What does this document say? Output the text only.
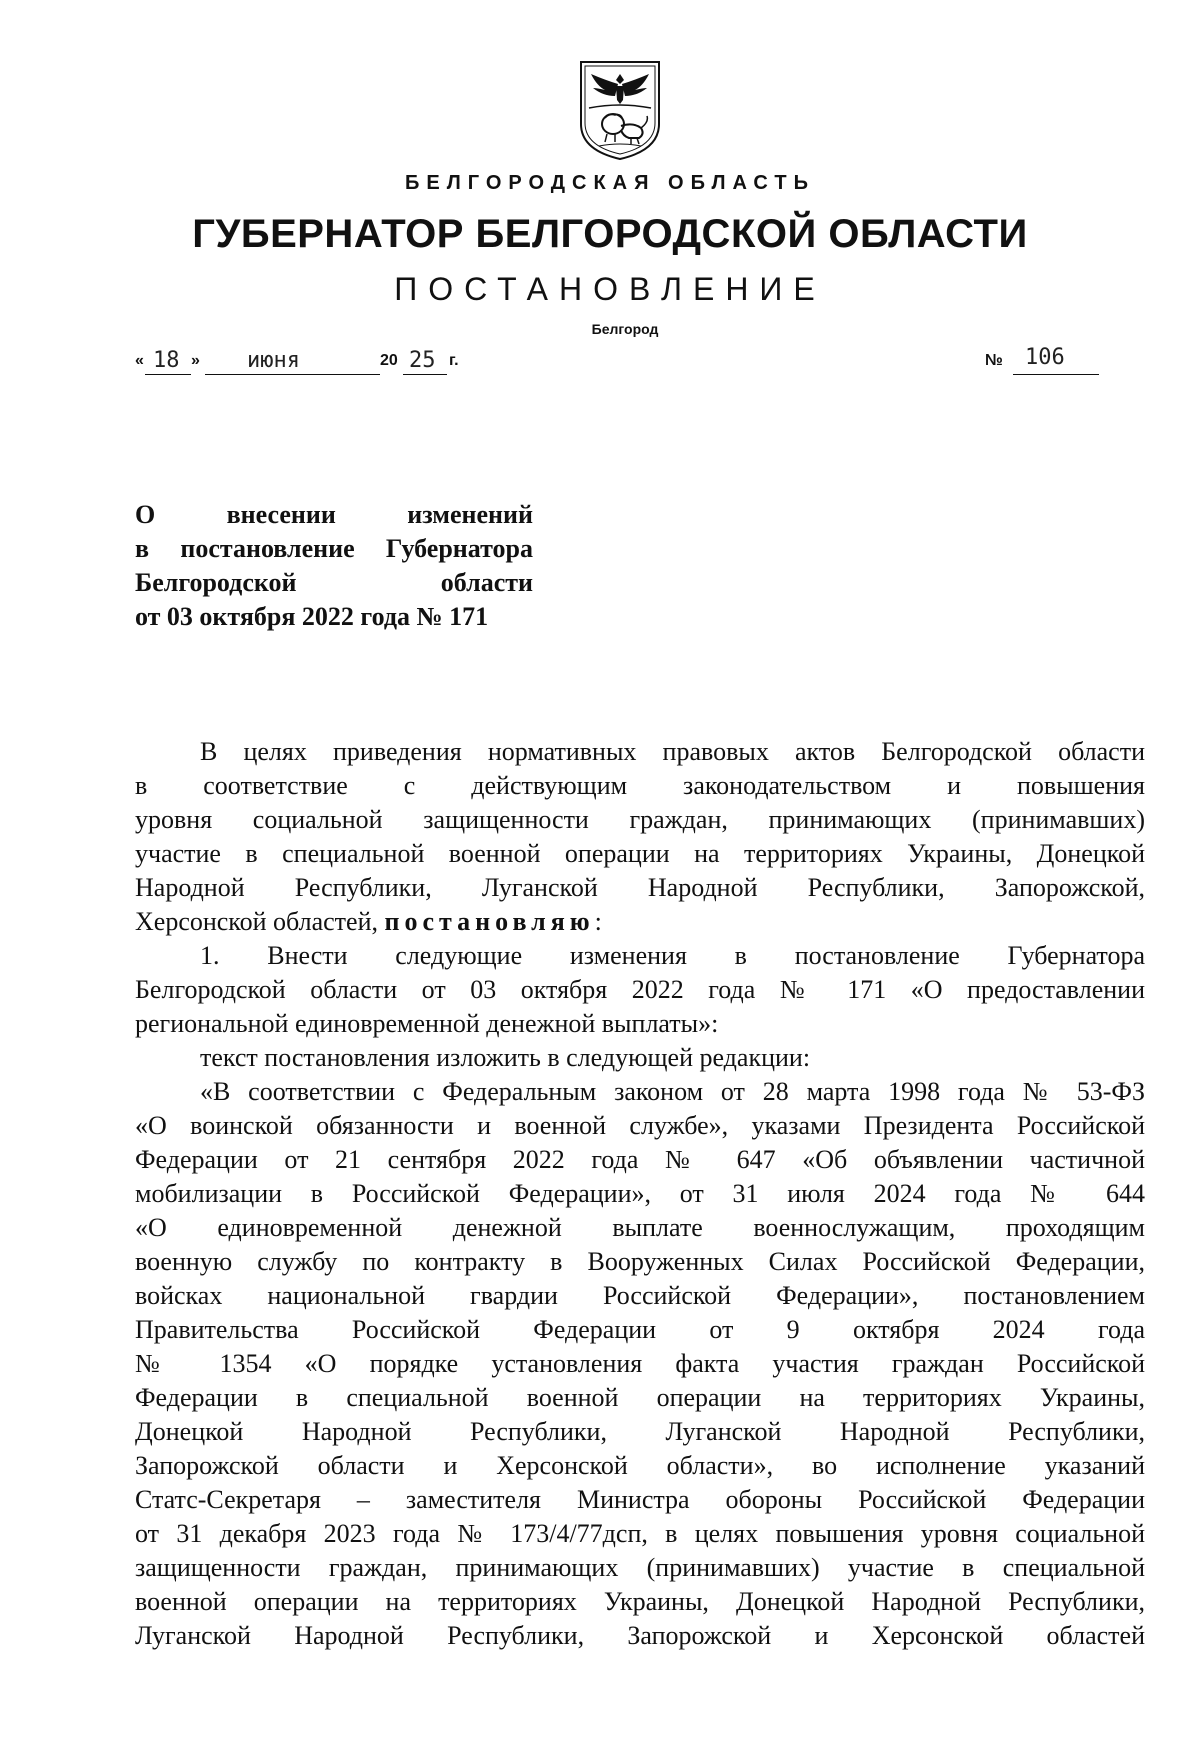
БЕЛГОРОДСКАЯ ОБЛАСТЬ
ГУБЕРНАТОР БЕЛГОРОДСКОЙ ОБЛАСТИ
ПОСТАНОВЛЕНИЕ
Белгород
« 18 » июня	20 25 г.	№ 106
О внесении изменений
в постановление Губернатора
Белгородской области
от 03 октября 2022 года № 171
В целях приведения нормативных правовых актов Белгородской области
в соответствие с действующим законодательством и повышения
уровня социальной защищенности граждан, принимающих (принимавших)
участие в специальной военной операции на территориях Украины, Донецкой
Народной Республики, Луганской Народной Республики, Запорожской,
Херсонской областей, постановляю:
1. Внести следующие изменения в постановление Губернатора
Белгородской области от 03 октября 2022 года № 171 «О предоставлении
региональной единовременной денежной выплаты»:
текст постановления изложить в следующей редакции:
«В соответствии с Федеральным законом от 28 марта 1998 года № 53-ФЗ
«О воинской обязанности и военной службе», указами Президента Российской
Федерации от 21 сентября 2022 года № 647 «Об объявлении частичной
мобилизации в Российской Федерации», от 31 июля 2024 года № 644
«О единовременной денежной выплате военнослужащим, проходящим
военную службу по контракту в Вооруженных Силах Российской Федерации,
войсках национальной гвардии Российской Федерации», постановлением
Правительства Российской Федерации от 9 октября 2024 года
№ 1354 «О порядке установления факта участия граждан Российской
Федерации в специальной военной операции на территориях Украины,
Донецкой Народной Республики, Луганской Народной Республики,
Запорожской области и Херсонской области», во исполнение указаний
Статс-Секретаря – заместителя Министра обороны Российской Федерации
от 31 декабря 2023 года № 173/4/77дсп, в целях повышения уровня социальной
защищенности граждан, принимающих (принимавших) участие в специальной
военной операции на территориях Украины, Донецкой Народной Республики,
Луганской Народной Республики, Запорожской и Херсонской областей
